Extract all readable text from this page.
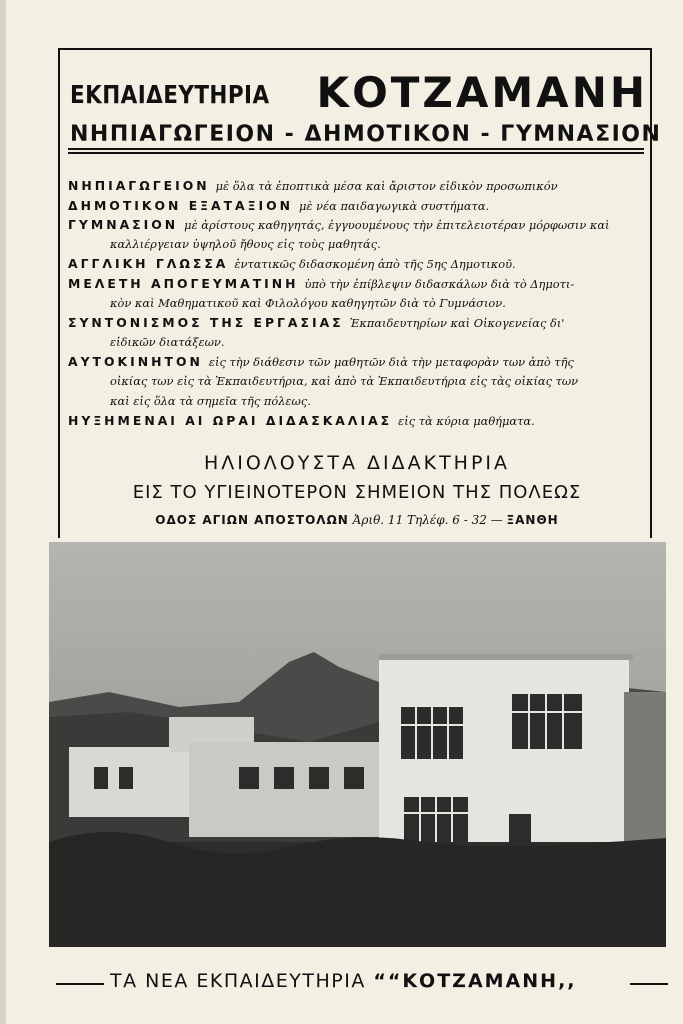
ΕΚΠΑΙΔΕΥΤΗΡΙΑ ΚΟΤΖΑΜΑΝΗ
ΝΗΠΙΑΓΩΓΕΙΟΝ - ΔΗΜΟΤΙΚΟΝ - ΓΥΜΝΑΣΙΟΝ
ΝΗΠΙΑΓΩΓΕΙΟΝ μὲ ὅλα τὰ ἐποπτικὰ μέσα καὶ ἄριστον εἰδικὸν προσωπικόν
ΔΗΜΟΤΙΚΟΝ ΕΞΑΤΑΞΙΟΝ μὲ νέα παιδαγωγικὰ συστήματα.
ΓΥΜΝΑΣΙΟΝ μὲ ἀρίστους καθηγητάς, ἐγγυουμένους τὴν ἐπιτελειοτέραν μόρφωσιν καὶ
καλλιέργειαν ὑψηλοῦ ἤθους εἰς τοὺς μαθητάς.
ΑΓΓΛΙΚΗ ΓΛΩΣΣΑ ἐντατικῶς διδασκομένη ἀπὸ τῆς 5ης Δημοτικοῦ.
ΜΕΛΕΤΗ ΑΠΟΓΕΥΜΑΤΙΝΗ ὑπὸ τὴν ἐπίβλεψιν διδασκάλων διὰ τὸ Δημοτι-
κὸν καὶ Μαθηματικοῦ καὶ Φιλολόγου καθηγητῶν διὰ τὸ Γυμνάσιον.
ΣΥΝΤΟΝΙΣΜΟΣ ΤΗΣ ΕΡΓΑΣΙΑΣ Ἐκπαιδευτηρίων καὶ Οἰκογενείας δι'
εἰδικῶν διατάξεων.
ΑΥΤΟΚΙΝΗΤΟΝ εἰς τὴν διάθεσιν τῶν μαθητῶν διὰ τὴν μεταφορὰν των ἀπὸ τῆς
οἰκίας των εἰς τὰ Ἐκπαιδευτήρια, καὶ ἀπὸ τὰ Ἐκπαιδευτήρια εἰς τὰς οἰκίας των
καὶ εἰς ὅλα τὰ σημεῖα τῆς πόλεως.
ΗΥΞΗΜΕΝΑΙ ΑΙ ΩΡΑΙ ΔΙΔΑΣΚΑΛΙΑΣ εἰς τὰ κύρια μαθήματα.
ΗΛΙΟΛΟΥΣΤΑ ΔΙΔΑΚΤΗΡΙΑ
ΕΙΣ ΤΟ ΥΓΙΕΙΝΟΤΕΡΟΝ ΣΗΜΕΙΟΝ ΤΗΣ ΠΟΛΕΩΣ
ΟΔΟΣ ΑΓΙΩΝ ΑΠΟΣΤΟΛΩΝ Ἀριθ. 11 Τηλέφ. 6 - 32 — ΞΑΝΘΗ
ΤΑ ΝΕΑ ΕΚΠΑΙΔΕΥΤΗΡΙΑ ““ΚΟΤΖΑΜΑΝΗ,,
